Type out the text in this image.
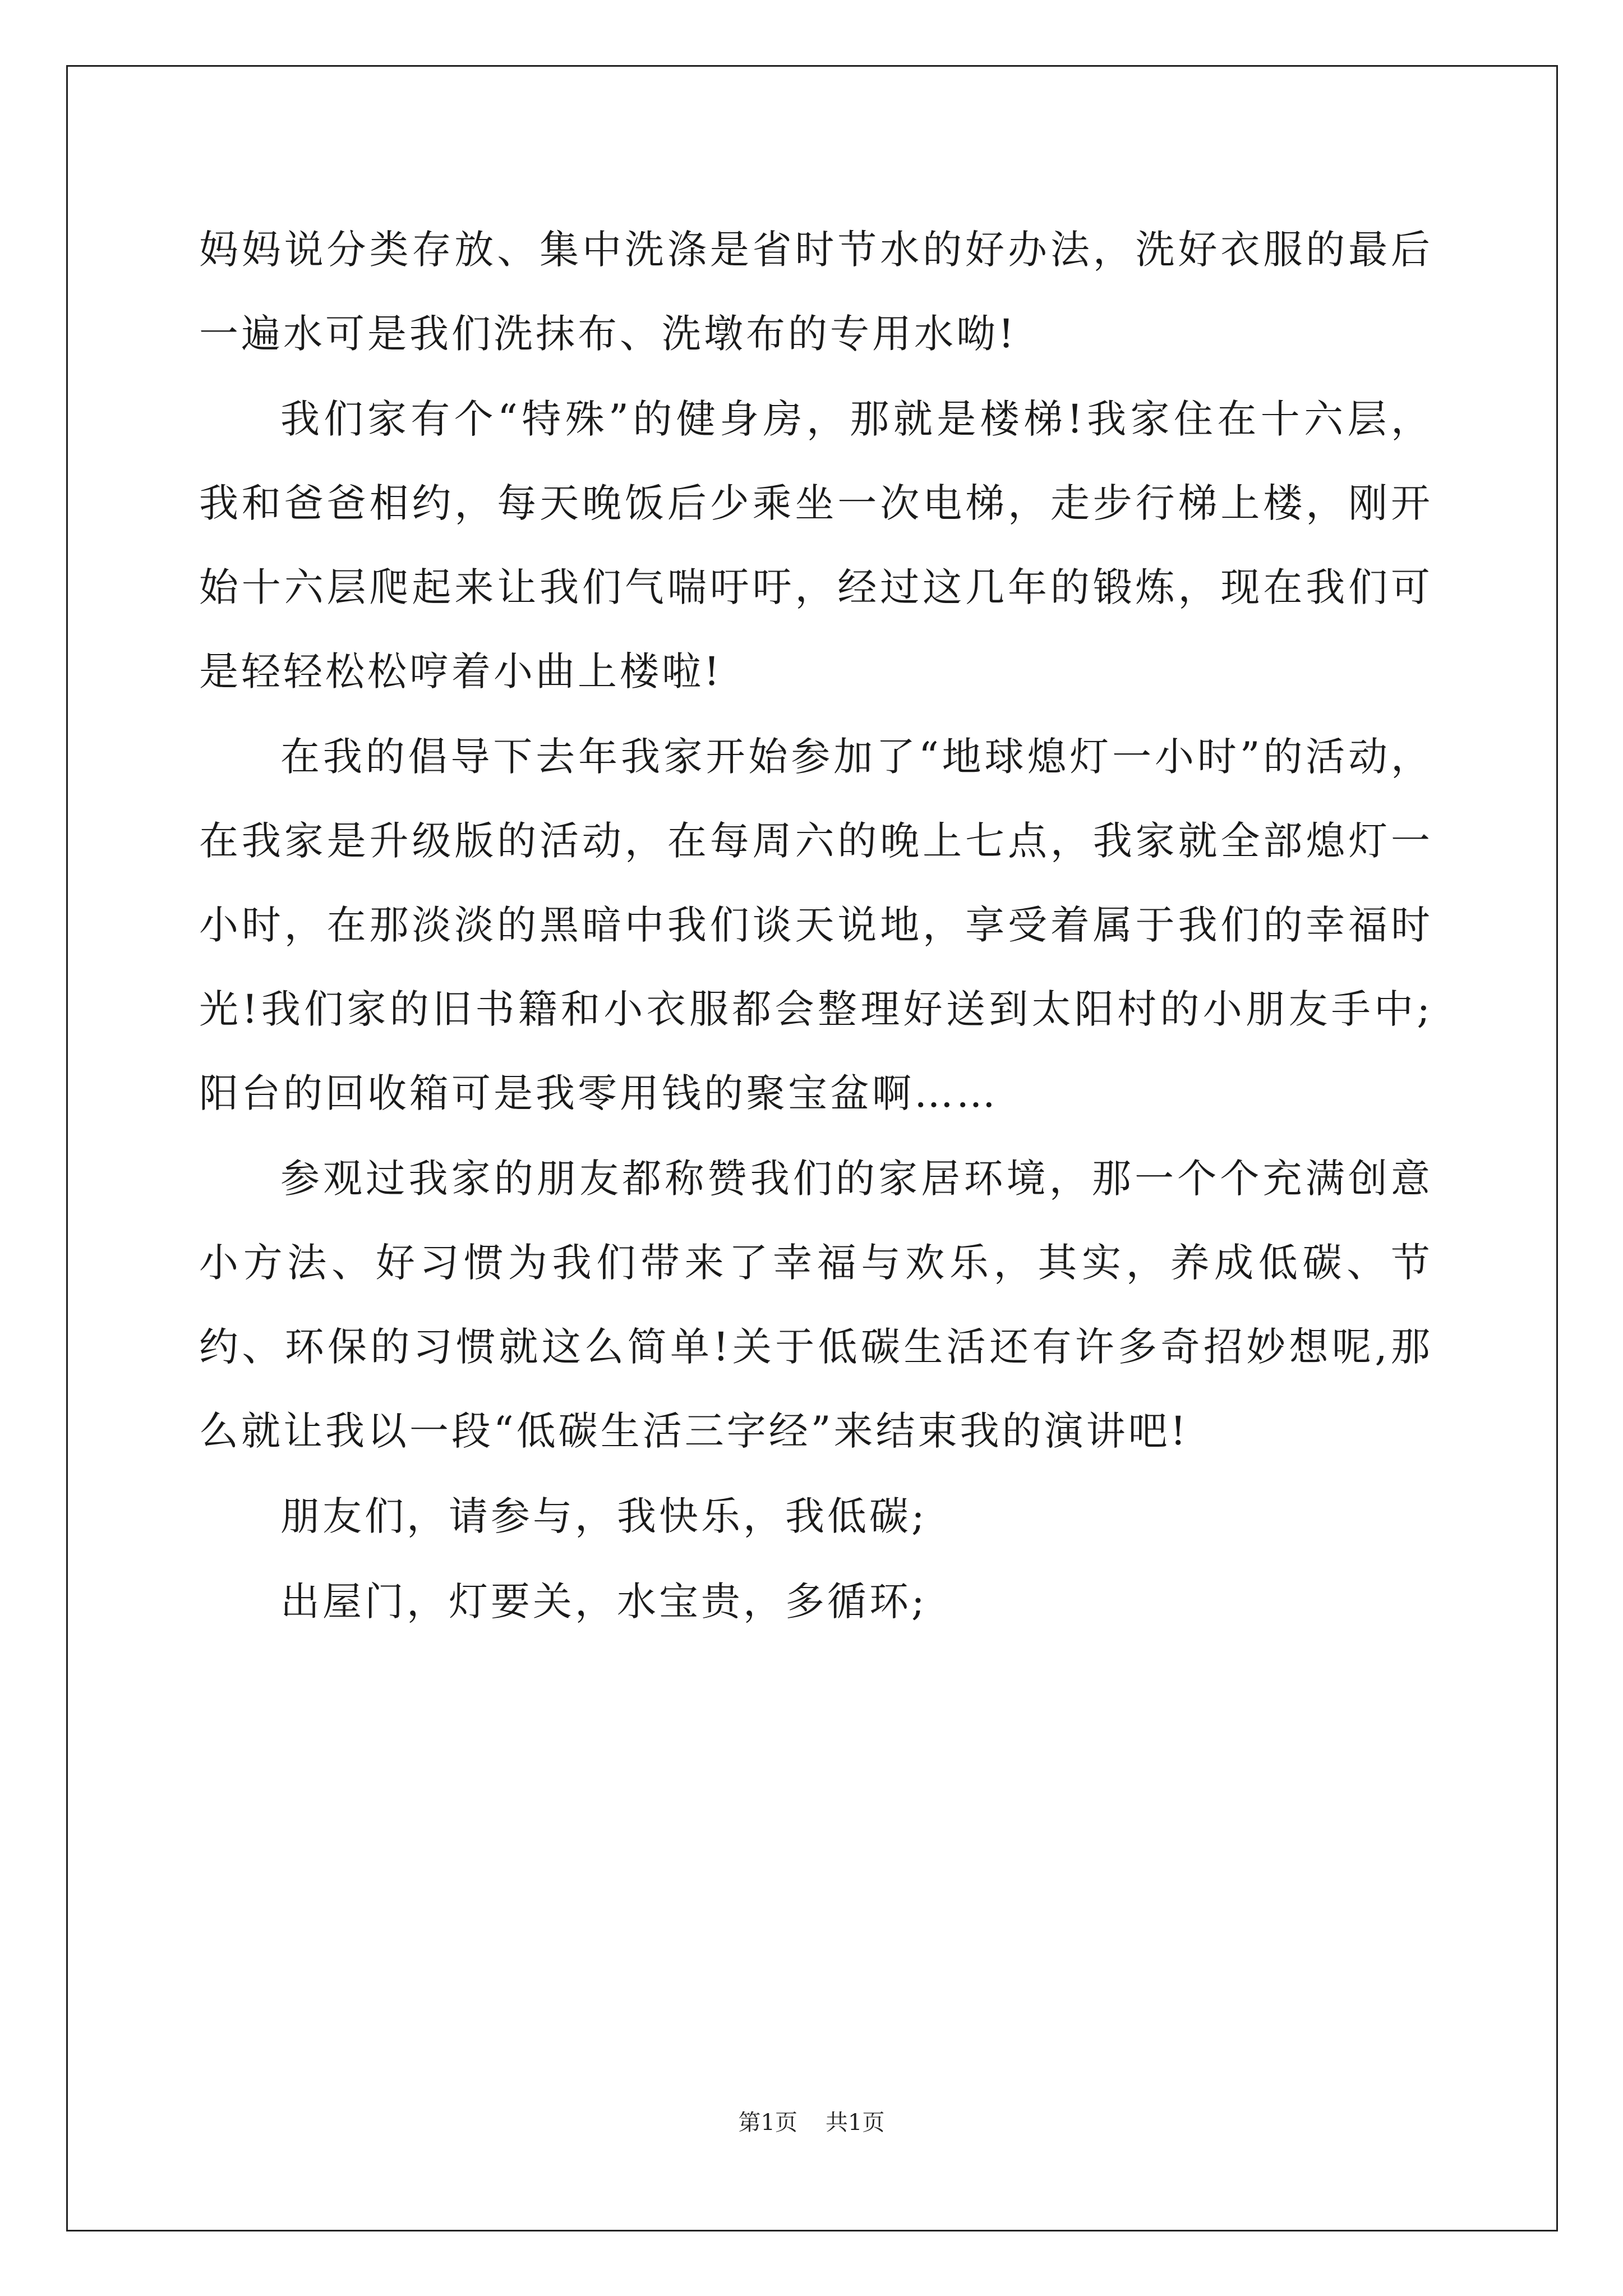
妈妈说分类存放、集中洗涤是省时节水的好办法，洗好衣服的最后一遍水可是我们洗抹布、洗墩布的专用水呦!

我们家有个“特殊”的健身房，那就是楼梯!我家住在十六层，我和爸爸相约，每天晚饭后少乘坐一次电梯，走步行梯上楼，刚开始十六层爬起来让我们气喘吁吁，经过这几年的锻炼，现在我们可是轻轻松松哼着小曲上楼啦!

在我的倡导下去年我家开始参加了“地球熄灯一小时”的活动，在我家是升级版的活动，在每周六的晚上七点，我家就全部熄灯一小时，在那淡淡的黑暗中我们谈天说地，享受着属于我们的幸福时光!我们家的旧书籍和小衣服都会整理好送到太阳村的小朋友手中;阳台的回收箱可是我零用钱的聚宝盆啊……

参观过我家的朋友都称赞我们的家居环境，那一个个充满创意小方法、好习惯为我们带来了幸福与欢乐，其实，养成低碳、节约、环保的习惯就这么简单!关于低碳生活还有许多奇招妙想呢,那么就让我以一段“低碳生活三字经”来结束我的演讲吧!

朋友们，请参与，我快乐，我低碳;

出屋门，灯要关，水宝贵，多循环;

第1页 共1页
